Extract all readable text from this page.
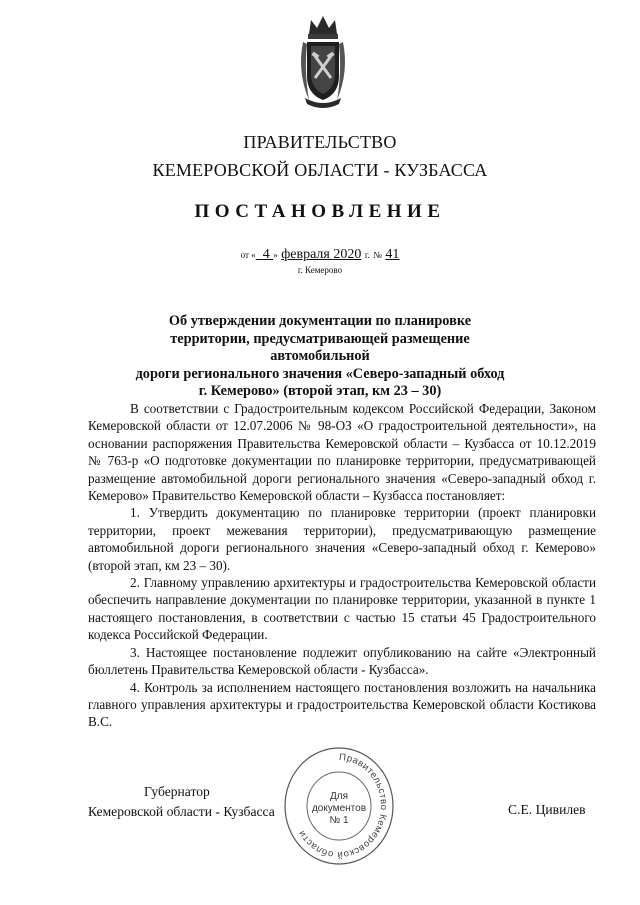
ПРАВИТЕЛЬСТВО
КЕМЕРОВСКОЙ ОБЛАСТИ - КУЗБАССА
ПОСТАНОВЛЕНИЕ
от « 4 » февраля 2020 г. № 41
г. Кемерово
Об утверждении документации по планировке
территории, предусматривающей размещение автомобильной
дороги регионального значения «Северо-западный обход
г. Кемерово» (второй этап, км 23 – 30)

В соответствии с Градостроительным кодексом Российской Федерации, Законом Кемеровской области от 12.07.2006 № 98-ОЗ «О градостроительной деятельности», на основании распоряжения Правительства Кемеровской области – Кузбасса от 10.12.2019 № 763-р «О подготовке документации по планировке территории, предусматривающей размещение автомобильной дороги регионального значения «Северо-западный обход г. Кемерово» Правительство Кемеровской области – Кузбасса постановляет:

1. Утвердить документацию по планировке территории (проект планировки территории, проект межевания территории), предусматривающую размещение автомобильной дороги регионального значения «Северо-западный обход г. Кемерово» (второй этап, км 23 – 30).

2. Главному управлению архитектуры и градостроительства Кемеровской области обеспечить направление документации по планировке территории, указанной в пункте 1 настоящего постановления, в соответствии с частью 15 статьи 45 Градостроительного кодекса Российской Федерации.

3. Настоящее постановление подлежит опубликованию на сайте «Электронный бюллетень Правительства Кемеровской области - Кузбасса».

4. Контроль за исполнением настоящего постановления возложить на начальника главного управления архитектуры и градостроительства Кемеровской области Костикова В.С.

Правительство Кемеровской области
Для
документов
№ 1
Губернатор
Кемеровской области - Кузбасса	С.Е. Цивилев
